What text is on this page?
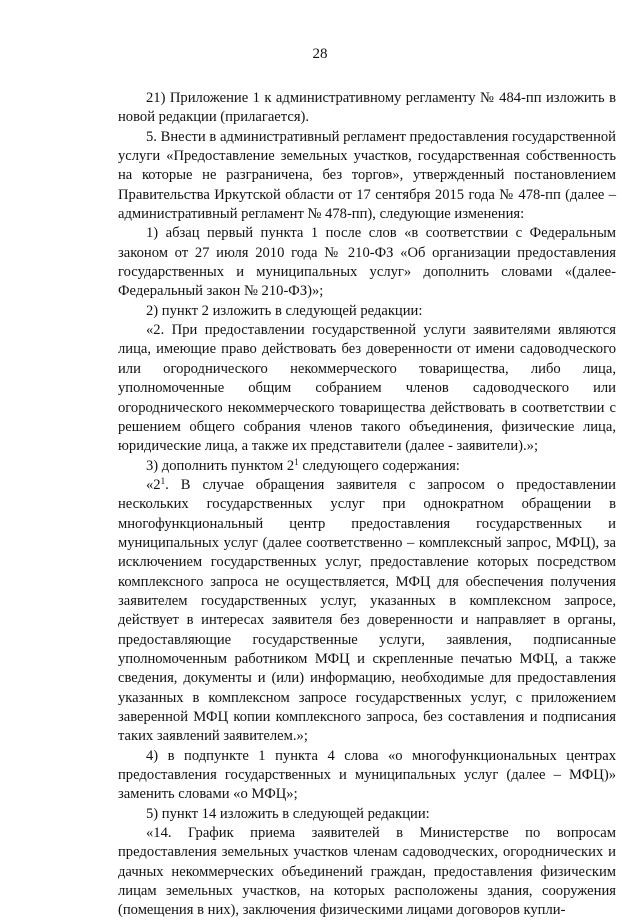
28

21) Приложение 1 к административному регламенту № 484-пп изложить в новой редакции (прилагается).

5. Внести в административный регламент предоставления государственной услуги «Предоставление земельных участков, государственная собственность на которые не разграничена, без торгов», утвержденный постановлением Правительства Иркутской области от 17 сентября 2015 года № 478-пп (далее – административный регламент № 478-пп), следующие изменения:

1) абзац первый пункта 1 после слов «в соответствии с Федеральным законом от 27 июля 2010 года № 210-ФЗ «Об организации предоставления государственных и муниципальных услуг» дополнить словами «(далее- Федеральный закон № 210-ФЗ)»;

2) пункт 2 изложить в следующей редакции:

«2. При предоставлении государственной услуги заявителями являются лица, имеющие право действовать без доверенности от имени садоводческого или огороднического некоммерческого товарищества, либо лица, уполномоченные общим собранием членов садоводческого или огороднического некоммерческого товарищества действовать в соответствии с решением общего собрания членов такого объединения, физические лица, юридические лица, а также их представители (далее - заявители).»;

3) дополнить пунктом $2^1$ следующего содержания:

«$2^1$. В случае обращения заявителя с запросом о предоставлении нескольких государственных услуг при однократном обращении в многофункциональный центр предоставления государственных и муниципальных услуг (далее соответственно – комплексный запрос, МФЦ), за исключением государственных услуг, предоставление которых посредством комплексного запроса не осуществляется, МФЦ для обеспечения получения заявителем государственных услуг, указанных в комплексном запросе, действует в интересах заявителя без доверенности и направляет в органы, предоставляющие государственные услуги, заявления, подписанные уполномоченным работником МФЦ и скрепленные печатью МФЦ, а также сведения, документы и (или) информацию, необходимые для предоставления указанных в комплексном запросе государственных услуг, с приложением заверенной МФЦ копии комплексного запроса, без составления и подписания таких заявлений заявителем.»;

4) в подпункте 1 пункта 4 слова «о многофункциональных центрах предоставления государственных и муниципальных услуг (далее – МФЦ)» заменить словами «о МФЦ»;

5) пункт 14 изложить в следующей редакции:

«14. График приема заявителей в Министерстве по вопросам предоставления земельных участков членам садоводческих, огороднических и дачных некоммерческих объединений граждан, предоставления физическим лицам земельных участков, на которых расположены здания, сооружения (помещения в них), заключения физическими лицами договоров купли-
